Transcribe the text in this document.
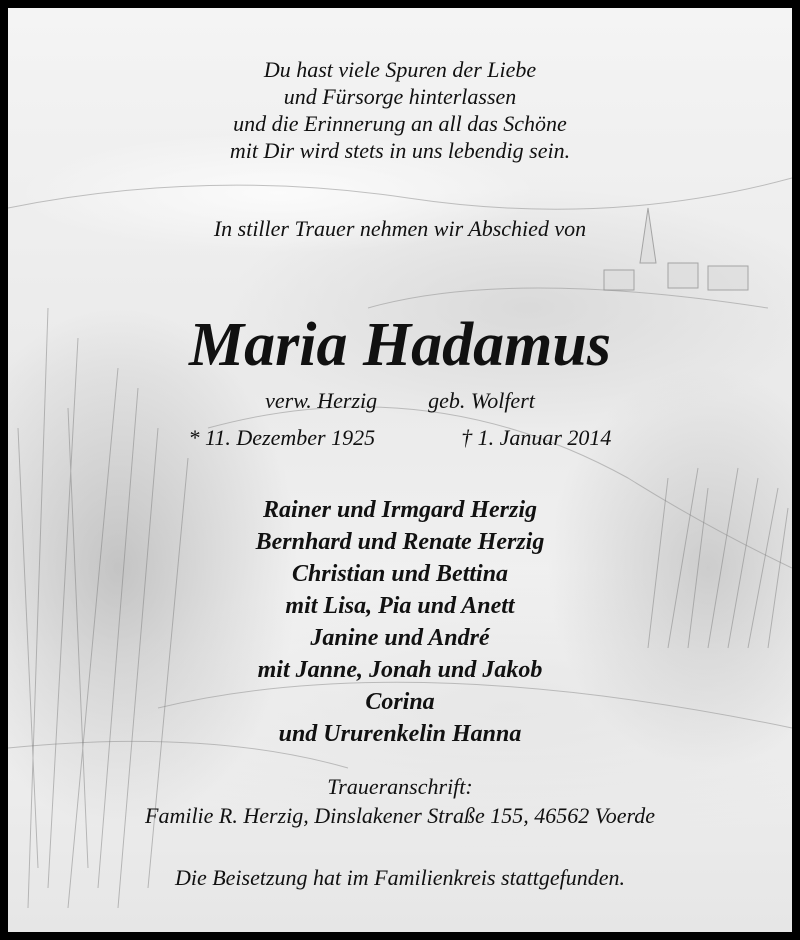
Du hast viele Spuren der Liebe
und Fürsorge hinterlassen
und die Erinnerung an all das Schöne
mit Dir wird stets in uns lebendig sein.
In stiller Trauer nehmen wir Abschied von
Maria Hadamus
verw. Herzig geb. Wolfert
* 11. Dezember 1925	† 1. Januar 2014
Rainer und Irmgard Herzig
Bernhard und Renate Herzig
Christian und Bettina
mit Lisa, Pia und Anett
Janine und André
mit Janne, Jonah und Jakob
Corina
und Ururenkelin Hanna
Traueranschrift:
Familie R. Herzig, Dinslakener Straße 155, 46562 Voerde
Die Beisetzung hat im Familienkreis stattgefunden.
